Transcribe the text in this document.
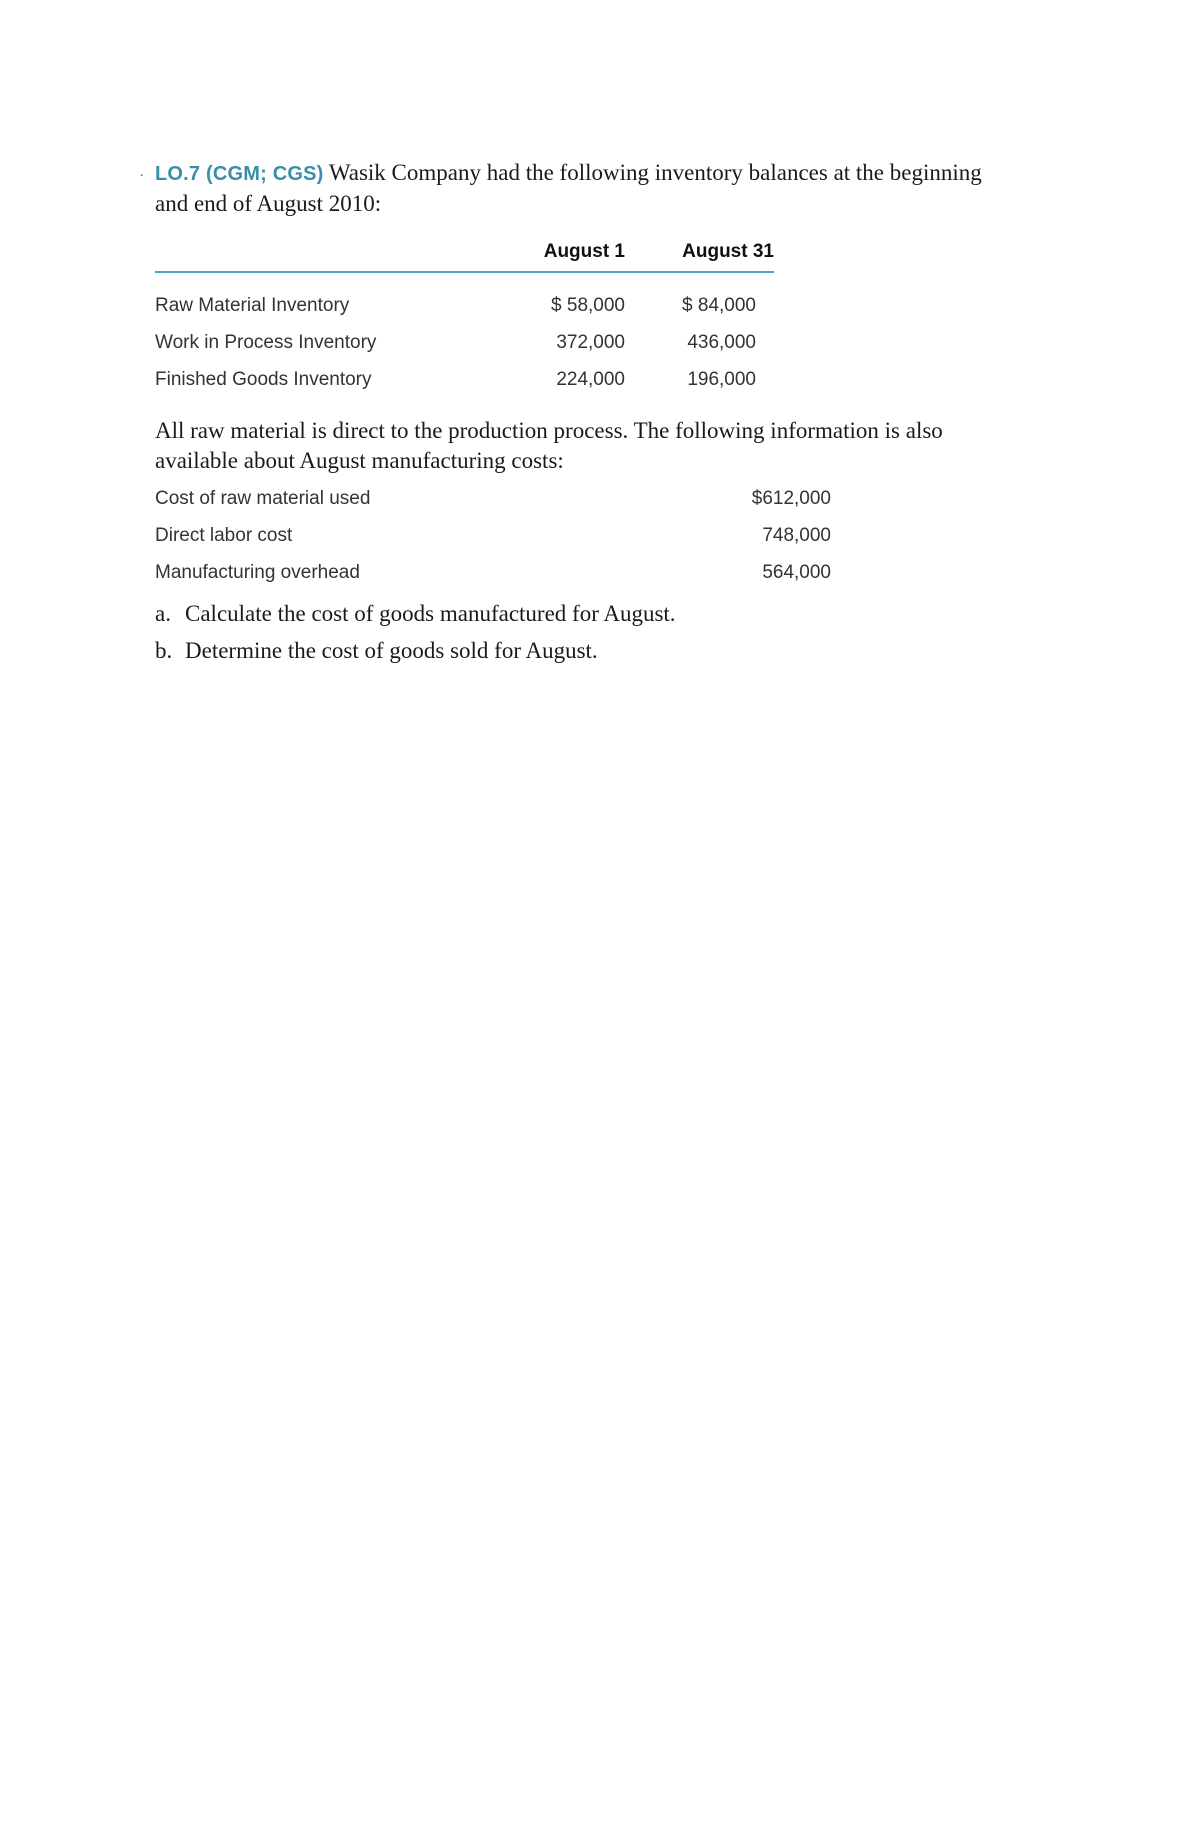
. LO.7 (CGM; CGS) Wasik Company had the following inventory balances at the beginning and end of August 2010:

	August 1	August 31
Raw Material Inventory	$ 58,000	$ 84,000
Work in Process Inventory	372,000	436,000
Finished Goods Inventory	224,000	196,000

All raw material is direct to the production process. The following information is also available about August manufacturing costs:

Cost of raw material used	$612,000
Direct labor cost	748,000
Manufacturing overhead	564,000
a. Calculate the cost of goods manufactured for August.
b. Determine the cost of goods sold for August.
